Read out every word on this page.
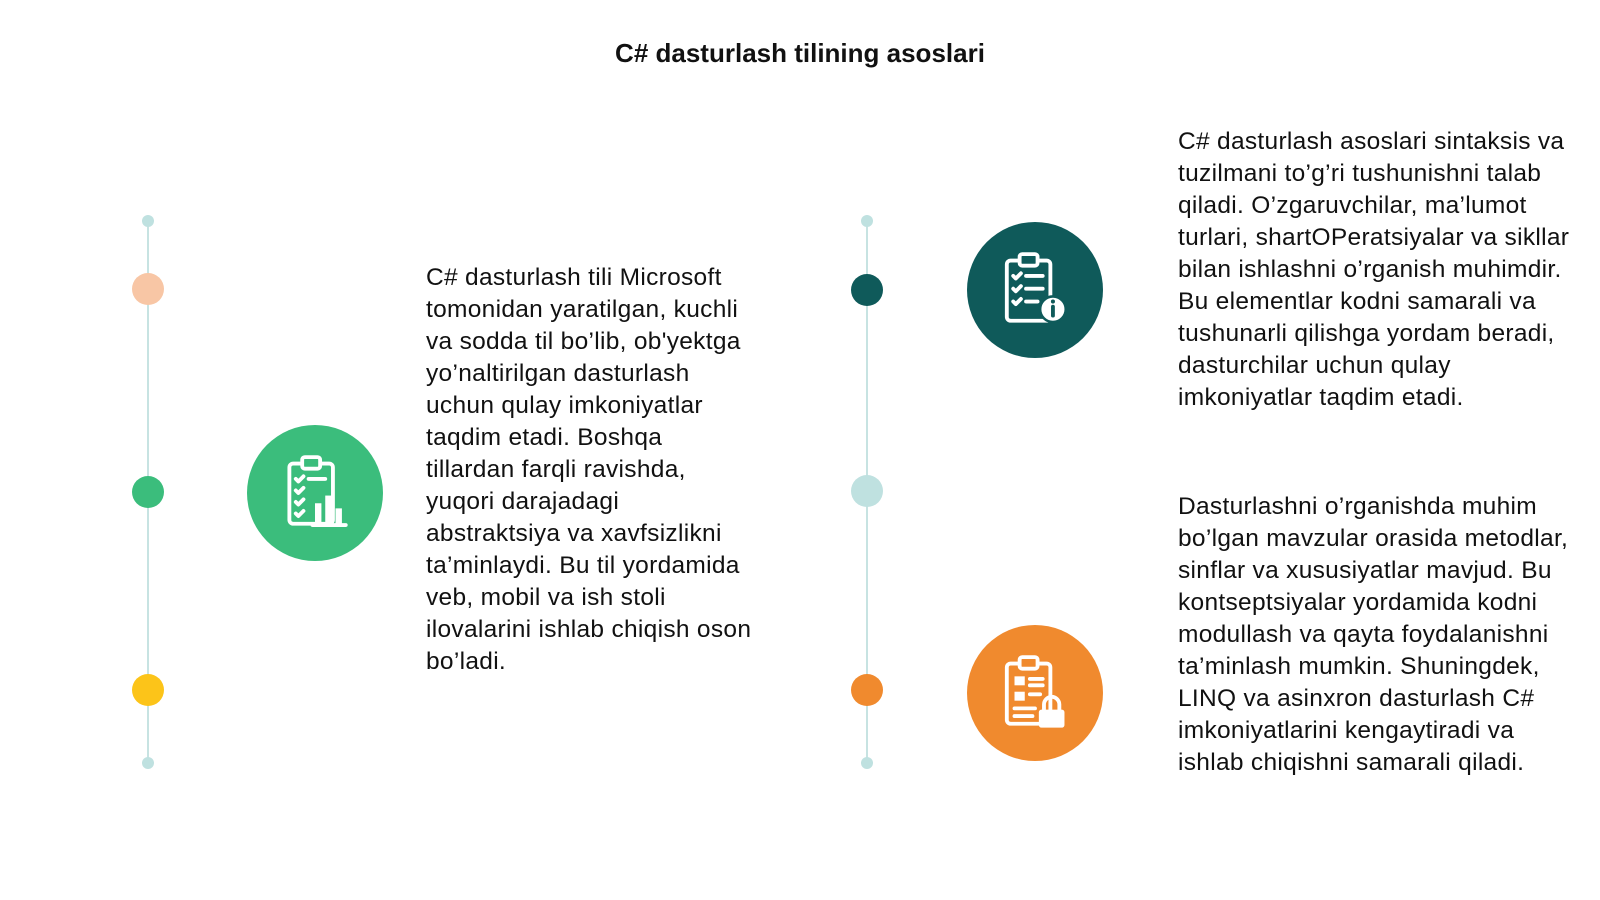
C# dasturlash tilining asoslari

C# dasturlash tili Microsoft tomonidan yaratilgan, kuchli va sodda til bo’lib, ob'yektga yo’naltirilgan dasturlash uchun qulay imkoniyatlar taqdim etadi. Boshqa tillardan farqli ravishda, yuqori darajadagi abstraktsiya va xavfsizlikni ta’minlaydi. Bu til yordamida veb, mobil va ish stoli ilovalarini ishlab chiqish oson bo’ladi.

C# dasturlash asoslari sintaksis va tuzilmani to’g’ri tushunishni talab qiladi. O’zgaruvchilar, ma’lumot turlari, shartOPeratsiyalar va sikllar bilan ishlashni o’rganish muhimdir. Bu elementlar kodni samarali va tushunarli qilishga yordam beradi, dasturchilar uchun qulay imkoniyatlar taqdim etadi.

Dasturlashni o’rganishda muhim bo’lgan mavzular orasida metodlar, sinflar va xususiyatlar mavjud. Bu kontseptsiyalar yordamida kodni modullash va qayta foydalanishni ta’minlash mumkin. Shuningdek, LINQ va asinxron dasturlash C# imkoniyatlarini kengaytiradi va ishlab chiqishni samarali qiladi.
